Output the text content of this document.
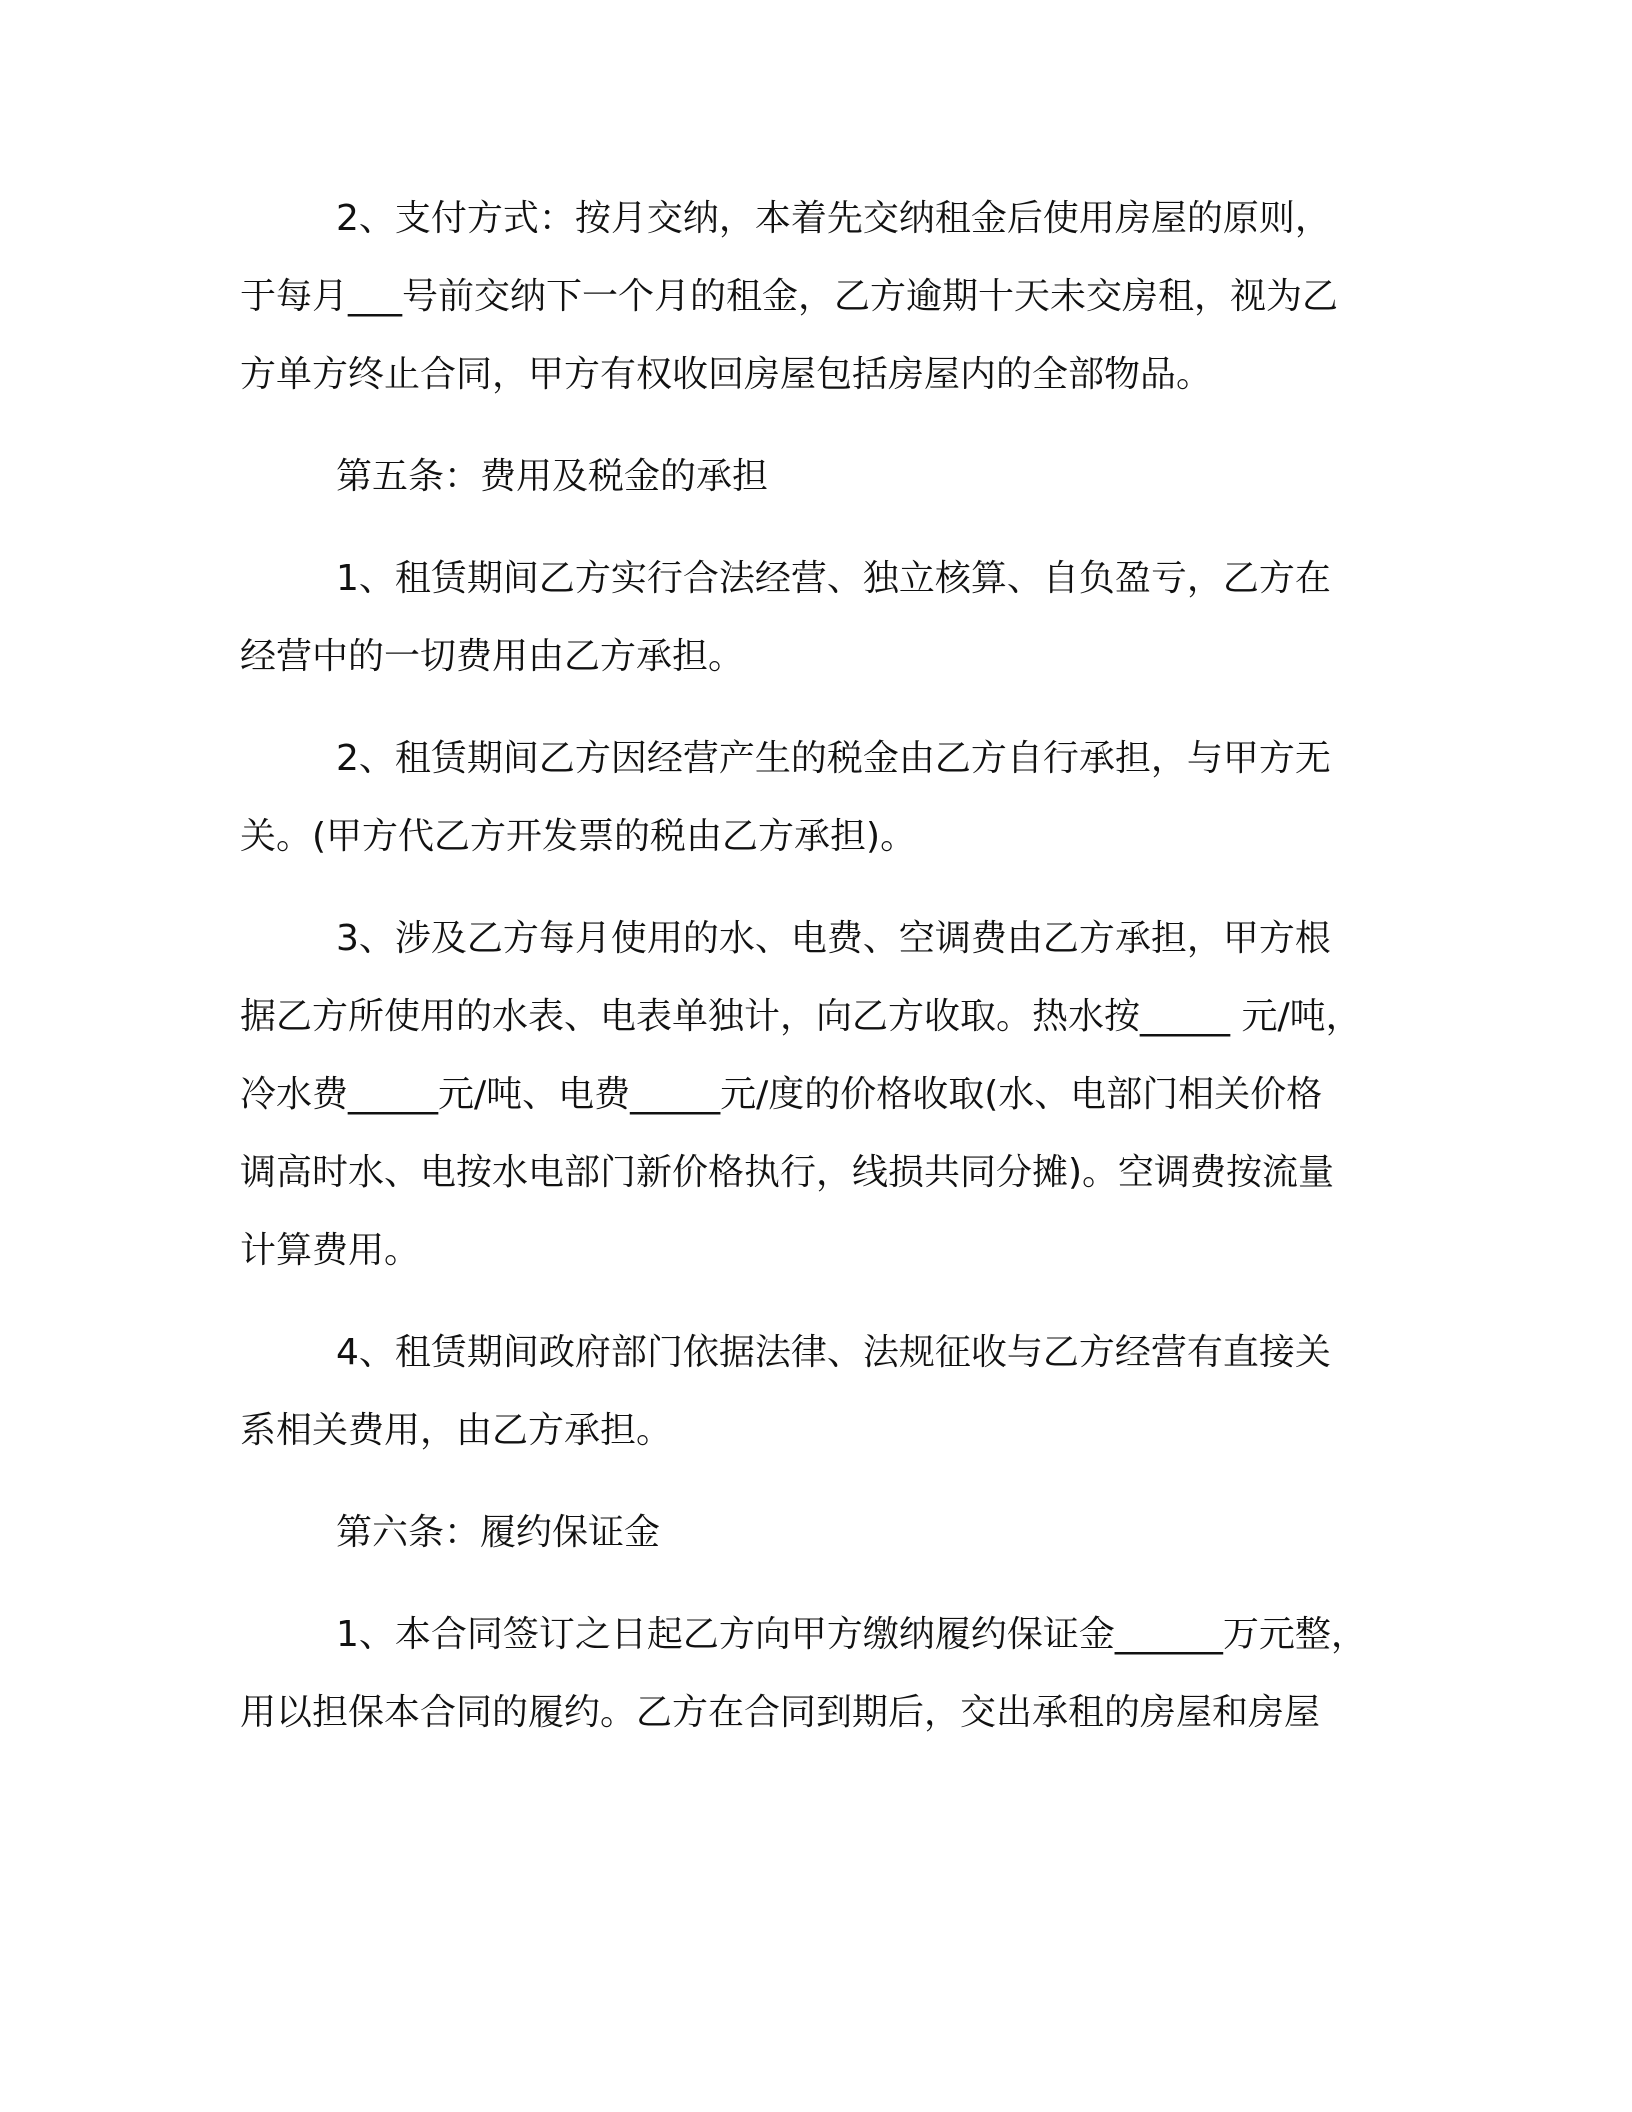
2、支付方式：按月交纳，本着先交纳租金后使用房屋的原则，
于每月___号前交纳下一个月的租金，乙方逾期十天未交房租，视为乙
方单方终止合同，甲方有权收回房屋包括房屋内的全部物品。
第五条：费用及税金的承担
1、租赁期间乙方实行合法经营、独立核算、自负盈亏，乙方在
经营中的一切费用由乙方承担。
2、租赁期间乙方因经营产生的税金由乙方自行承担，与甲方无
关。(甲方代乙方开发票的税由乙方承担)。
3、涉及乙方每月使用的水、电费、空调费由乙方承担，甲方根
据乙方所使用的水表、电表单独计，向乙方收取。热水按_____ 元/吨，
冷水费_____元/吨、电费_____元/度的价格收取(水、电部门相关价格
调高时水、电按水电部门新价格执行，线损共同分摊)。空调费按流量
计算费用。
4、租赁期间政府部门依据法律、法规征收与乙方经营有直接关
系相关费用，由乙方承担。
第六条：履约保证金
1、本合同签订之日起乙方向甲方缴纳履约保证金______万元整，
用以担保本合同的履约。乙方在合同到期后，交出承租的房屋和房屋
